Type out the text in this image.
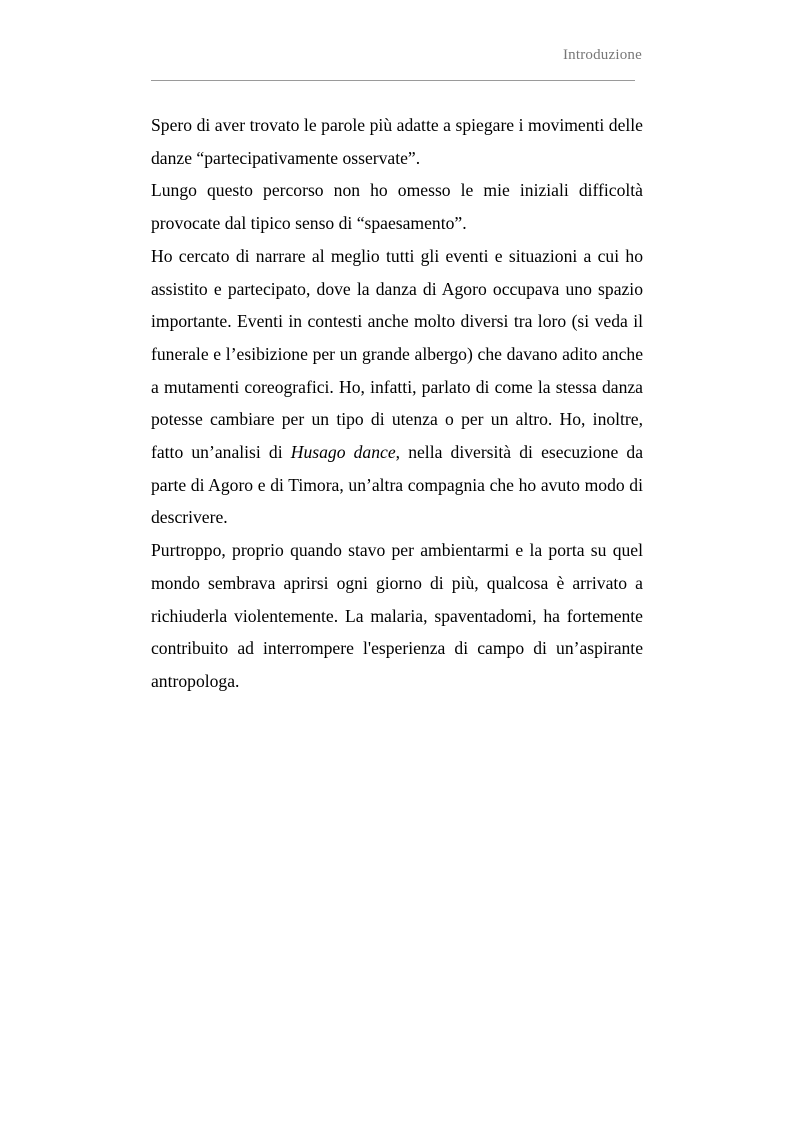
Introduzione

Spero di aver trovato le parole più adatte a spiegare i movimenti delle danze “partecipativamente osservate”.

Lungo questo percorso non ho omesso le mie iniziali difficoltà provocate dal tipico senso di “spaesamento”.

Ho cercato di narrare al meglio tutti gli eventi e situazioni a cui ho assistito e partecipato, dove la danza di Agoro occupava uno spazio importante. Eventi in contesti anche molto diversi tra loro (si veda il funerale e l’esibizione per un grande albergo) che davano adito anche a mutamenti coreografici. Ho, infatti, parlato di come la stessa danza potesse cambiare per un tipo di utenza o per un altro. Ho, inoltre, fatto un’analisi di Husago dance, nella diversità di esecuzione da parte di Agoro e di Timora, un’altra compagnia che ho avuto modo di descrivere.

Purtroppo, proprio quando stavo per ambientarmi e la porta su quel mondo sembrava aprirsi ogni giorno di più, qualcosa è arrivato a richiuderla violentemente. La malaria, spaventadomi, ha fortemente contribuito ad interrompere l'esperienza di campo di un’aspirante antropologa.
